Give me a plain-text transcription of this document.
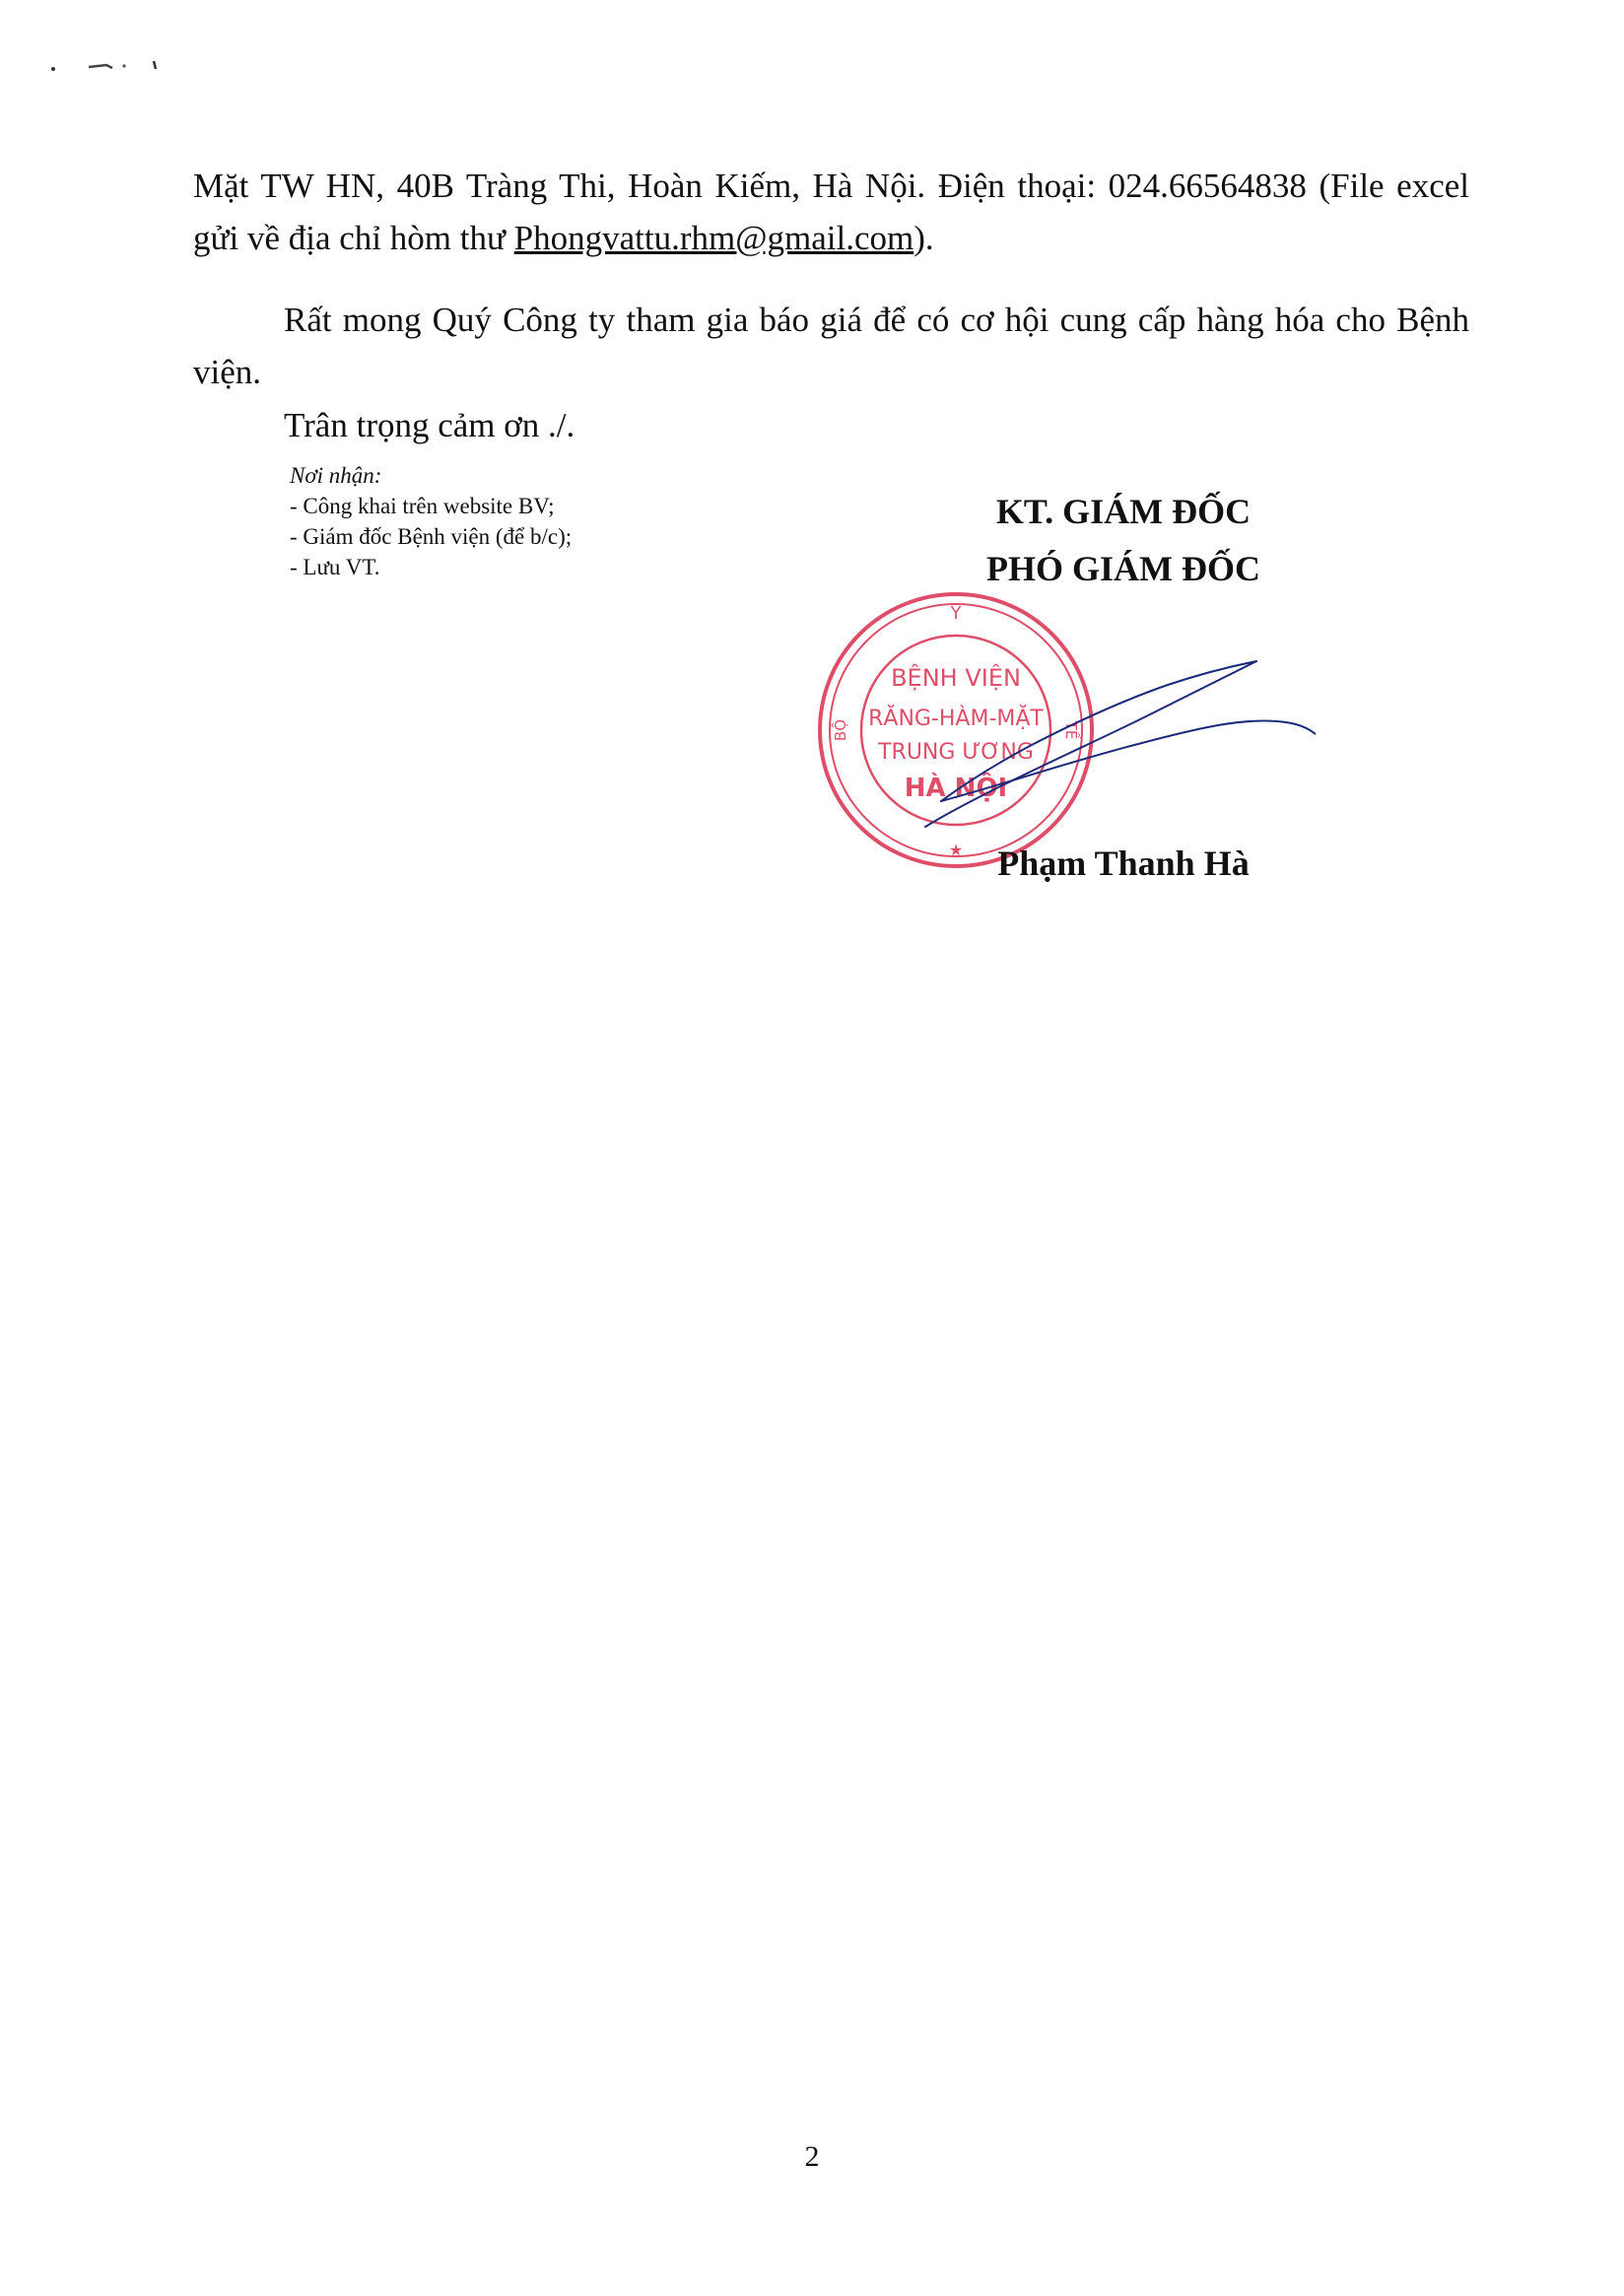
Mặt TW HN, 40B Tràng Thi, Hoàn Kiếm, Hà Nội. Điện thoại: 024.66564838 (File excel
gửi về địa chỉ hòm thư Phongvattu.rhm@gmail.com).

Rất mong Quý Công ty tham gia báo giá để có cơ hội cung cấp hàng hóa cho Bệnh viện.

Trân trọng cảm ơn ./.

Nơi nhận:
- Công khai trên website BV;
- Giám đốc Bệnh viện (để b/c);
- Lưu VT.
KT. GIÁM ĐỐC
PHÓ GIÁM ĐỐC
Y
BỘ	TẾ
BỆNH VIỆN
RĂNG-HÀM-MẶT
TRUNG ƯƠNG
HÀ NỘI
★ Phạm Thanh Hà
2
